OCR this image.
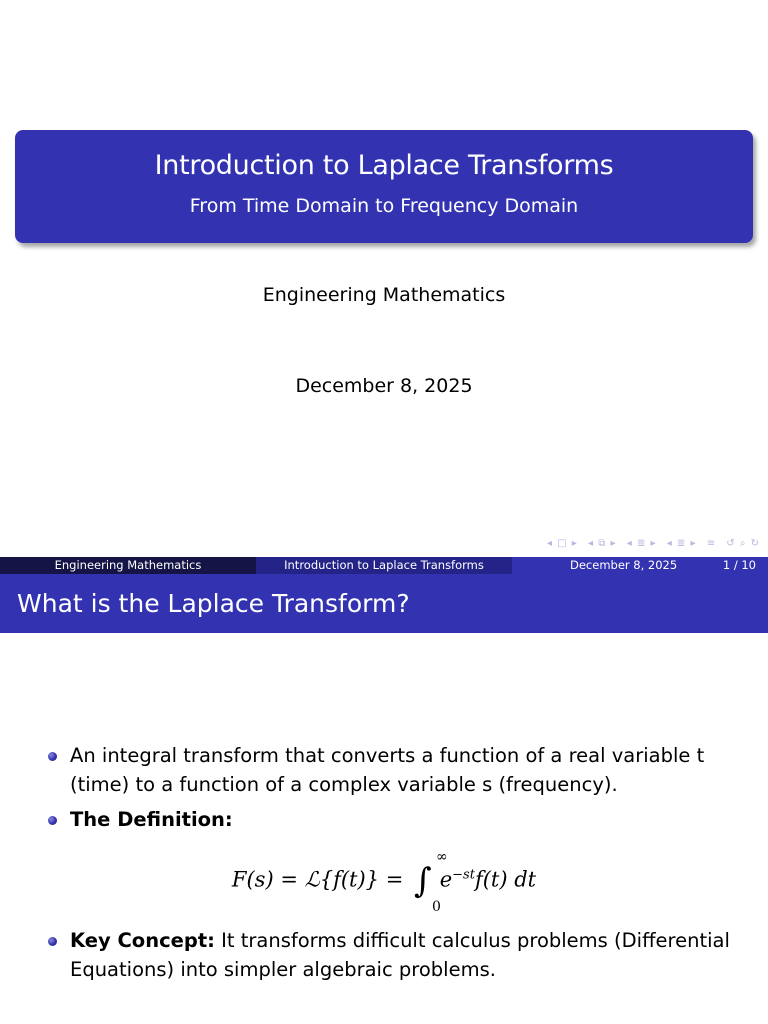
Introduction to Laplace Transforms
From Time Domain to Frequency Domain
Engineering Mathematics
December 8, 2025
◂ □ ▸ ◂ ⧉ ▸ ◂ ≣ ▸ ◂ ≣ ▸ ≡ ↺ ⌕ ↻
Engineering Mathematics	Introduction to Laplace Transforms	December 8, 2025	1 / 10
What is the Laplace Transform?
An integral transform that converts a function of a real variable t (time) to a function of a complex variable s (frequency).
The Definition:
F(s) = ℒ{f(t)} = ∫
∞
0
$e^{-st}f(t)$ dt
Key Concept: It transforms difficult calculus problems (Differential Equations) into simpler algebraic problems.
